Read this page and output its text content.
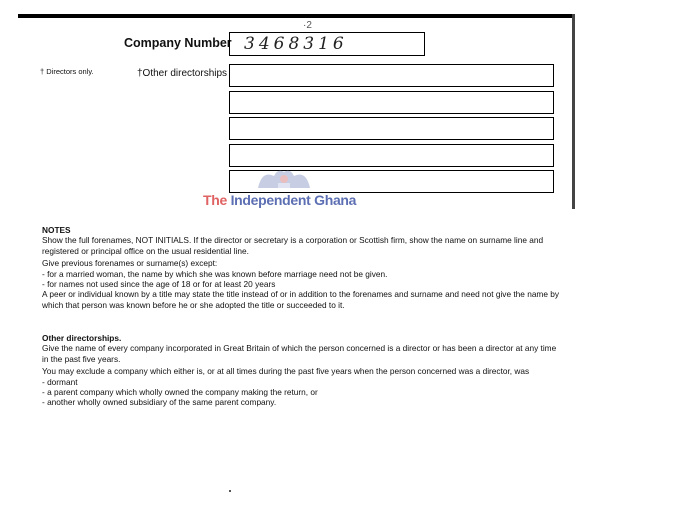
·2
Company Number 3468316
† Directors only.	†Other directorships
The Independent Ghana

NOTES

Show the full forenames, NOT INITIALS. If the director or secretary is a corporation or Scottish firm, show the name on surname line and registered or principal office on the usual residential line.

Give previous forenames or surname(s) except:

- for a married woman, the name by which she was known before marriage need not be given.

- for names not used since the age of 18 or for at least 20 years

A peer or individual known by a title may state the title instead of or in addition to the forenames and surname and need not give the name by which that person was known before he or she adopted the title or succeeded to it.

Other directorships.

Give the name of every company incorporated in Great Britain of which the person concerned is a director or has been a director at any time in the past five years.

You may exclude a company which either is, or at all times during the past five years when the person concerned was a director, was

- dormant

- a parent company which wholly owned the company making the return, or

- another wholly owned subsidiary of the same parent company.
